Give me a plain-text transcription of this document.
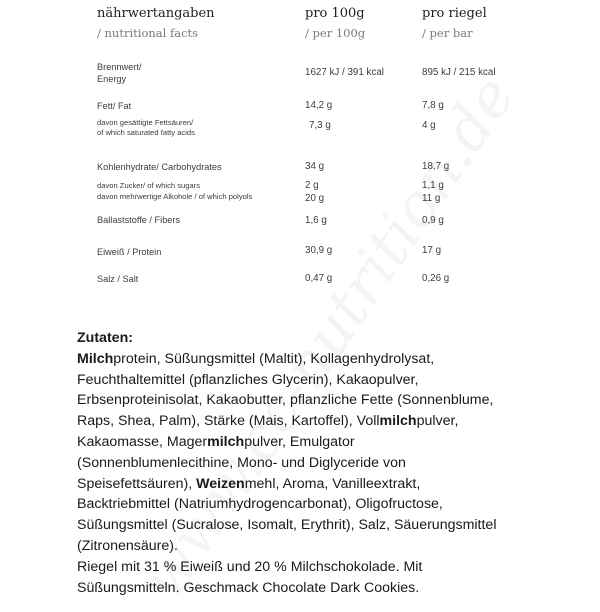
nährwertangaben	pro 100g	pro riegel
/ nutritional facts	/ per 100g	/ per bar
Brennwert/
Energy
1627 kJ / 391 kcal	895 kJ / 215 kcal
Fett/ Fat	14,2 g	7,8 g
davon gesättigte Fettsäuren/
of which saturated fatty acids
7,3 g	4 g
Kohlenhydrate/ Carbohydrates	34 g	18,7 g
davon Zucker/ of which sugars	2 g	1,1 g
davon mehrwertige Alkohole / of which polyols	20 g	11 g
Ballaststoffe / Fibers	1,6 g	0,9 g
Eiweiß / Protein	30,9 g	17 g
Salz / Salt	0,47 g	0,26 g
Zutaten:
Milchprotein, Süßungsmittel (Maltit), Kollagenhydrolysat,
Feuchthaltemittel (pflanzliches Glycerin), Kakaopulver,
Erbsenproteinisolat, Kakaobutter, pflanzliche Fette (Sonnenblume,
Raps, Shea, Palm), Stärke (Mais, Kartoffel), Vollmilchpulver,
Kakaomasse, Magermilchpulver, Emulgator
(Sonnenblumenlecithine, Mono- und Diglyceride von
Speisefettsäuren), Weizenmehl, Aroma, Vanilleextrakt,
Backtriebmittel (Natriumhydrogencarbonat), Oligofructose,
Süßungsmittel (Sucralose, Isomalt, Erythrit), Salz, Säuerungsmittel
(Zitronensäure).
Riegel mit 31 % Eiweiß und 20 % Milchschokolade. Mit
Süßungsmitteln. Geschmack Chocolate Dark Cookies.
